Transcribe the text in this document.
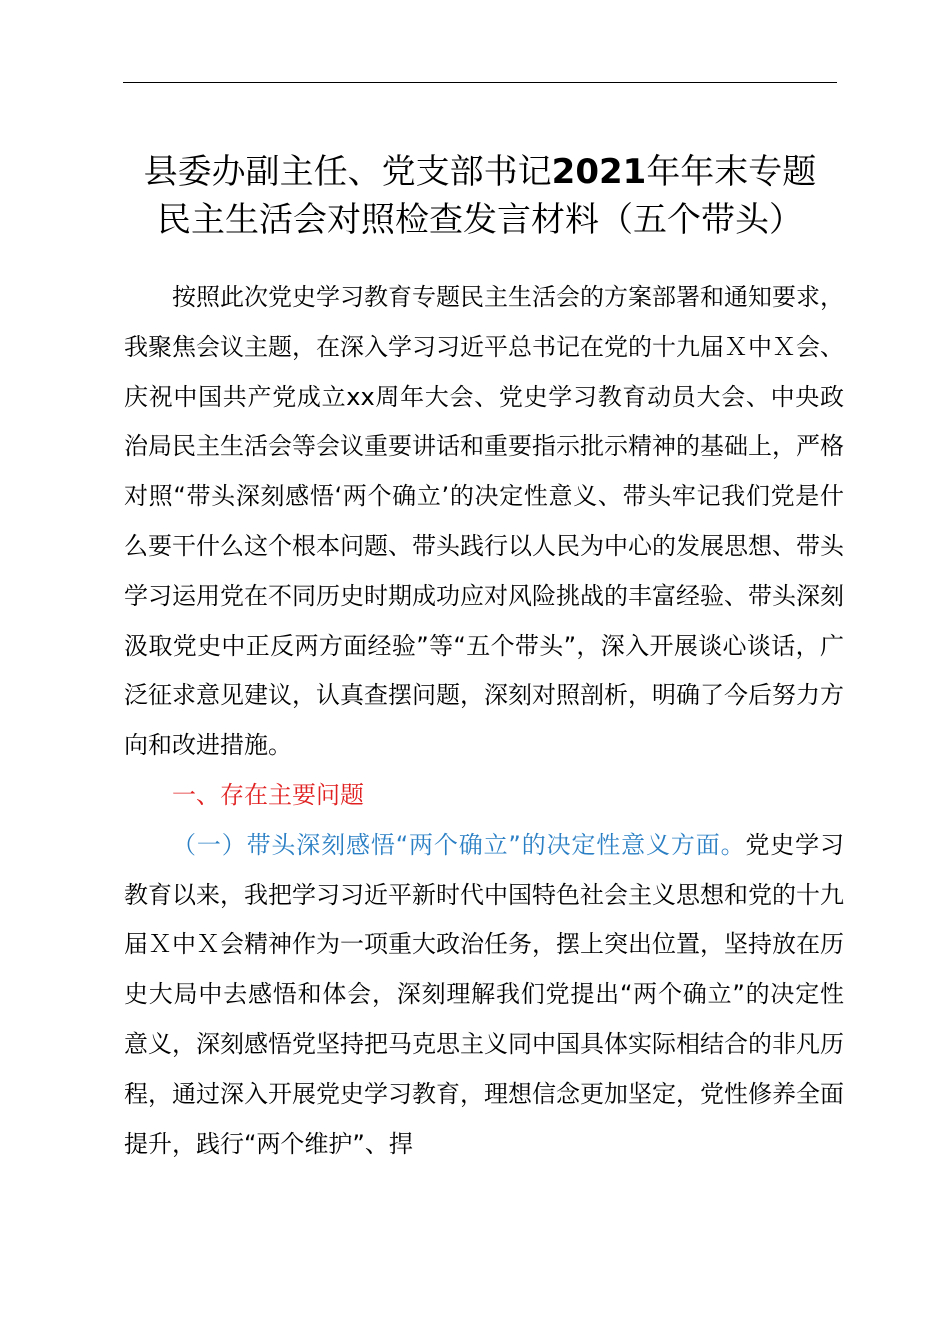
县委办副主任、党支部书记2021年年末专题
民主生活会对照检查发言材料（五个带头）

按照此次党史学习教育专题民主生活会的方案部署和通知要求，我聚焦会议主题，在深入学习习近平总书记在党的十九届Ｘ中Ｘ会、庆祝中国共产党成立xx周年大会、党史学习教育动员大会、中央政治局民主生活会等会议重要讲话和重要指示批示精神的基础上，严格对照“带头深刻感悟‘两个确立’的决定性意义、带头牢记我们党是什么要干什么这个根本问题、带头践行以人民为中心的发展思想、带头学习运用党在不同历史时期成功应对风险挑战的丰富经验、带头深刻汲取党史中正反两方面经验”等“五个带头”，深入开展谈心谈话，广泛征求意见建议，认真查摆问题，深刻对照剖析，明确了今后努力方向和改进措施。

一、存在主要问题

（一）带头深刻感悟“两个确立”的决定性意义方面。党史学习教育以来，我把学习习近平新时代中国特色社会主义思想和党的十九届Ｘ中Ｘ会精神作为一项重大政治任务，摆上突出位置，坚持放在历史大局中去感悟和体会，深刻理解我们党提出“两个确立”的决定性意义，深刻感悟党坚持把马克思主义同中国具体实际相结合的非凡历程，通过深入开展党史学习教育，理想信念更加坚定，党性修养全面提升，践行“两个维护”、捍
